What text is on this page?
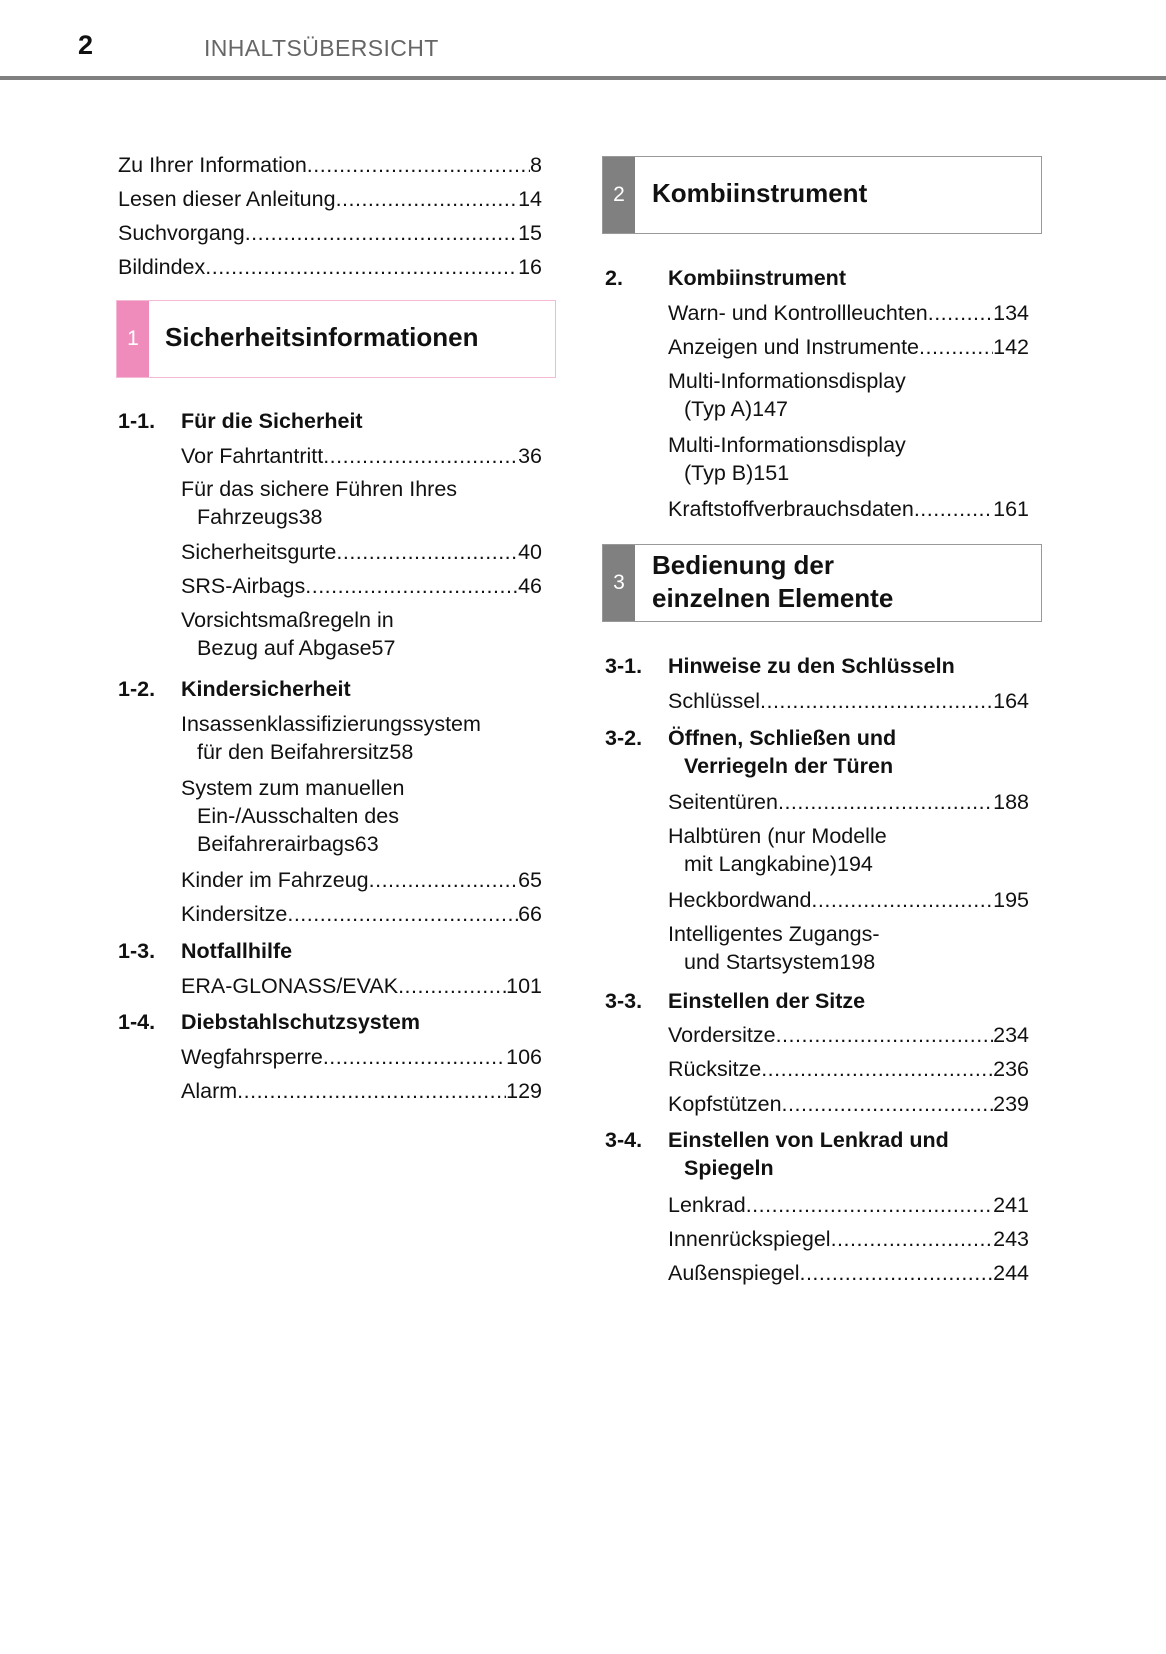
2	INHALTSÜBERSICHT
Zu Ihrer Information .....	8
Lesen dieser Anleitung .....	14
Suchvorgang .....	15
Bildindex .....	16
1	Sicherheitsinformationen
1-1. Für die Sicherheit
Vor Fahrtantritt .....	36
Für das sichere Führen Ihres
Fahrzeugs 38
Sicherheitsgurte .....	40
SRS-Airbags .....	46
Vorsichtsmaßregeln in
Bezug auf Abgase 57
1-2. Kindersicherheit
Insassenklassifizierungssystem
für den Beifahrersitz 58
System zum manuellen
Ein-/Ausschalten des
Beifahrerairbags 63
Kinder im Fahrzeug .....	65
Kindersitze .....	66
1-3. Notfallhilfe
ERA-GLONASS/EVAK .....	101
1-4. Diebstahlschutzsystem
Wegfahrsperre .....	106
Alarm .....	129
2	Kombiinstrument
2. Kombiinstrument
Warn- und Kontrollleuchten .....	134
Anzeigen und Instrumente .....	142
Multi-Informationsdisplay
(Typ A) 147
Multi-Informationsdisplay
(Typ B) 151
Kraftstoffverbrauchsdaten .....	161
3
Bedienung der
einzelnen Elemente
3-1. Hinweise zu den Schlüsseln
Schlüssel .....	164
3-2. Öffnen, Schließen und
Verriegeln der Türen
Seitentüren .....	188
Halbtüren (nur Modelle
mit Langkabine) 194
Heckbordwand .....	195
Intelligentes Zugangs-
und Startsystem 198
3-3. Einstellen der Sitze
Vordersitze .....	234
Rücksitze .....	236
Kopfstützen .....	239
3-4. Einstellen von Lenkrad und
Spiegeln
Lenkrad .....	241
Innenrückspiegel .....	243
Außenspiegel .....	244
